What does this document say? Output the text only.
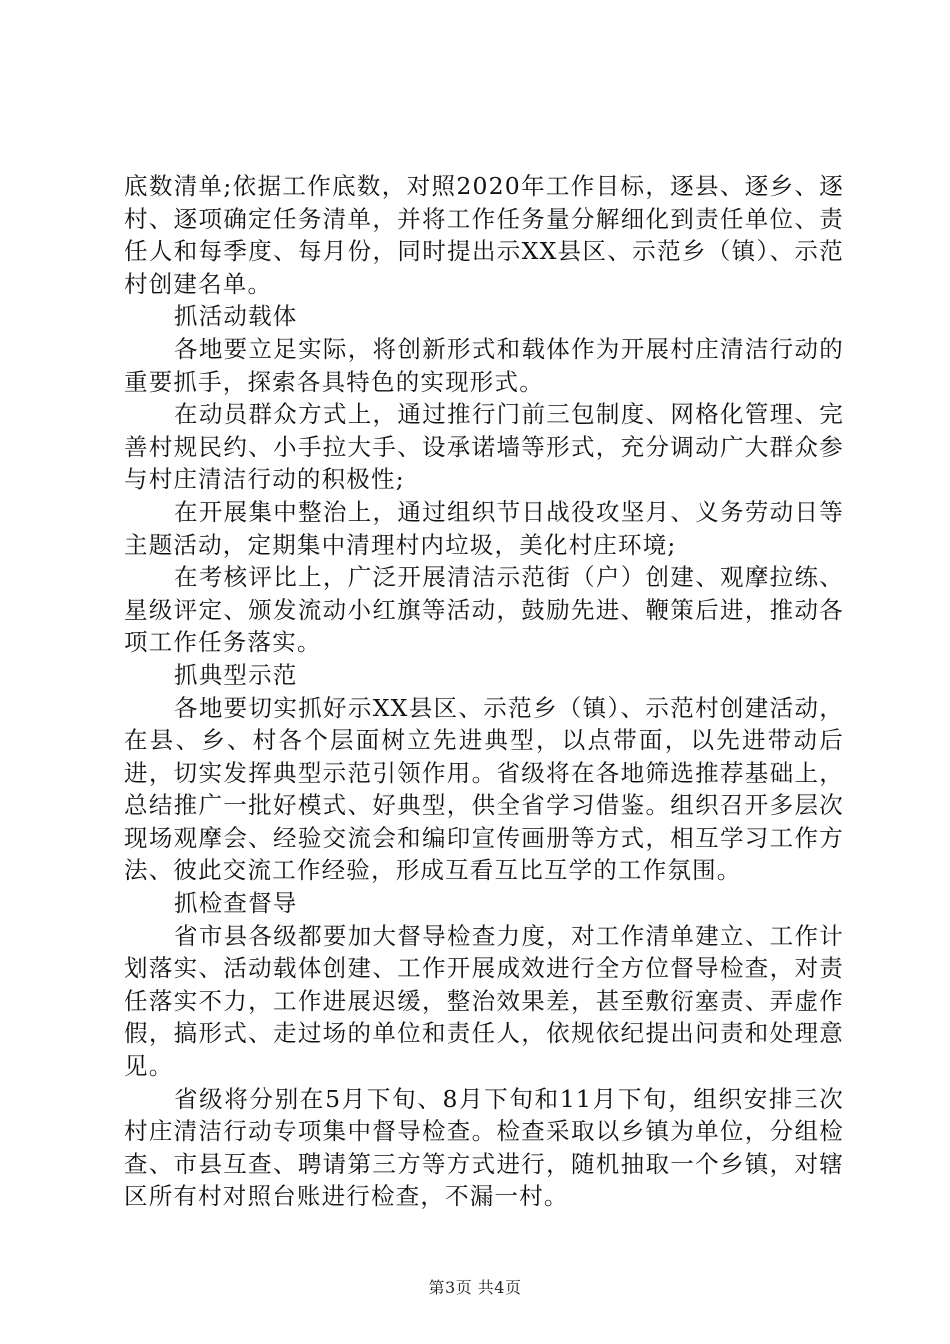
底数清单;依据工作底数，对照2020年工作目标，逐县、逐乡、逐村、逐项确定任务清单，并将工作任务量分解细化到责任单位、责任人和每季度、每月份，同时提出示XX县区、示范乡（镇）、示范村创建名单。

抓活动载体

各地要立足实际，将创新形式和载体作为开展村庄清洁行动的重要抓手，探索各具特色的实现形式。

在动员群众方式上，通过推行门前三包制度、网格化管理、完善村规民约、小手拉大手、设承诺墙等形式，充分调动广大群众参与村庄清洁行动的积极性;

在开展集中整治上，通过组织节日战役攻坚月、义务劳动日等主题活动，定期集中清理村内垃圾，美化村庄环境;

在考核评比上，广泛开展清洁示范街（户）创建、观摩拉练、星级评定、颁发流动小红旗等活动，鼓励先进、鞭策后进，推动各项工作任务落实。

抓典型示范

各地要切实抓好示XX县区、示范乡（镇）、示范村创建活动，在县、乡、村各个层面树立先进典型，以点带面，以先进带动后进，切实发挥典型示范引领作用。省级将在各地筛选推荐基础上，总结推广一批好模式、好典型，供全省学习借鉴。组织召开多层次现场观摩会、经验交流会和编印宣传画册等方式，相互学习工作方法、彼此交流工作经验，形成互看互比互学的工作氛围。

抓检查督导

省市县各级都要加大督导检查力度，对工作清单建立、工作计划落实、活动载体创建、工作开展成效进行全方位督导检查，对责任落实不力，工作进展迟缓，整治效果差，甚至敷衍塞责、弄虚作假，搞形式、走过场的单位和责任人，依规依纪提出问责和处理意见。

省级将分别在5月下旬、8月下旬和11月下旬，组织安排三次村庄清洁行动专项集中督导检查。检查采取以乡镇为单位，分组检查、市县互查、聘请第三方等方式进行，随机抽取一个乡镇，对辖区所有村对照台账进行检查，不漏一村。

第3页 共4页
